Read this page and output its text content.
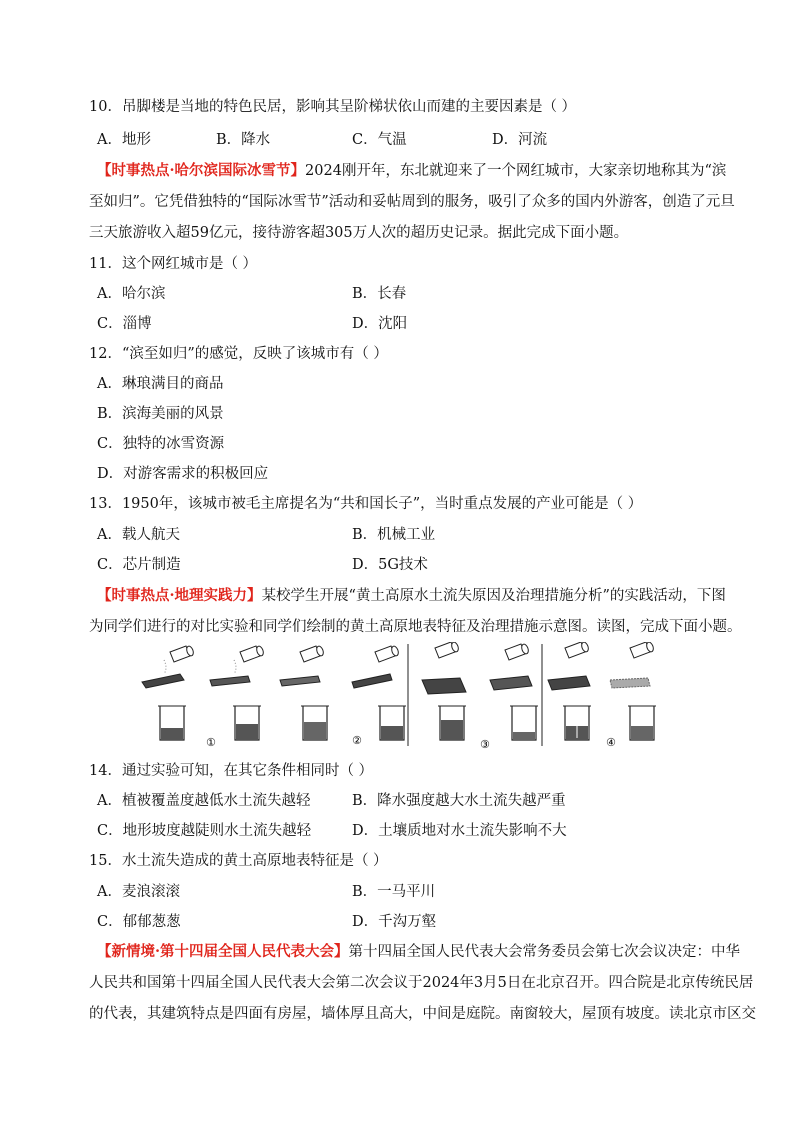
10．吊脚楼是当地的特色民居，影响其呈阶梯状依山而建的主要因素是（ ）
A．地形	B．降水	C．气温	D．河流
【时事热点·哈尔滨国际冰雪节】2024刚开年，东北就迎来了一个网红城市，大家亲切地称其为“滨
至如归”。它凭借独特的“国际冰雪节”活动和妥帖周到的服务，吸引了众多的国内外游客，创造了元旦
三天旅游收入超59亿元，接待游客超305万人次的超历史记录。据此完成下面小题。
11．这个网红城市是（ ）
A．哈尔滨	B．长春
C．淄博	D．沈阳
12．“滨至如归”的感觉，反映了该城市有（ ）
A．琳琅满目的商品
B．滨海美丽的风景
C．独特的冰雪资源
D．对游客需求的积极回应
13．1950年，该城市被毛主席提名为“共和国长子”，当时重点发展的产业可能是（ ）
A．载人航天	B．机械工业
C．芯片制造	D．5G技术
【时事热点·地理实践力】某校学生开展“黄土高原水土流失原因及治理措施分析”的实践活动，下图
为同学们进行的对比实验和同学们绘制的黄土高原地表特征及治理措施示意图。读图，完成下面小题。
①	②	③	④
14．通过实验可知，在其它条件相同时（ ）
A．植被覆盖度越低水土流失越轻	B．降水强度越大水土流失越严重
C．地形坡度越陡则水土流失越轻	D．土壤质地对水土流失影响不大
15．水土流失造成的黄土高原地表特征是（ ）
A．麦浪滚滚	B．一马平川
C．郁郁葱葱	D．千沟万壑
【新情境·第十四届全国人民代表大会】第十四届全国人民代表大会常务委员会第七次会议决定：中华
人民共和国第十四届全国人民代表大会第二次会议于2024年3月5日在北京召开。四合院是北京传统民居
的代表，其建筑特点是四面有房屋，墙体厚且高大，中间是庭院。南窗较大，屋顶有坡度。读北京市区交
